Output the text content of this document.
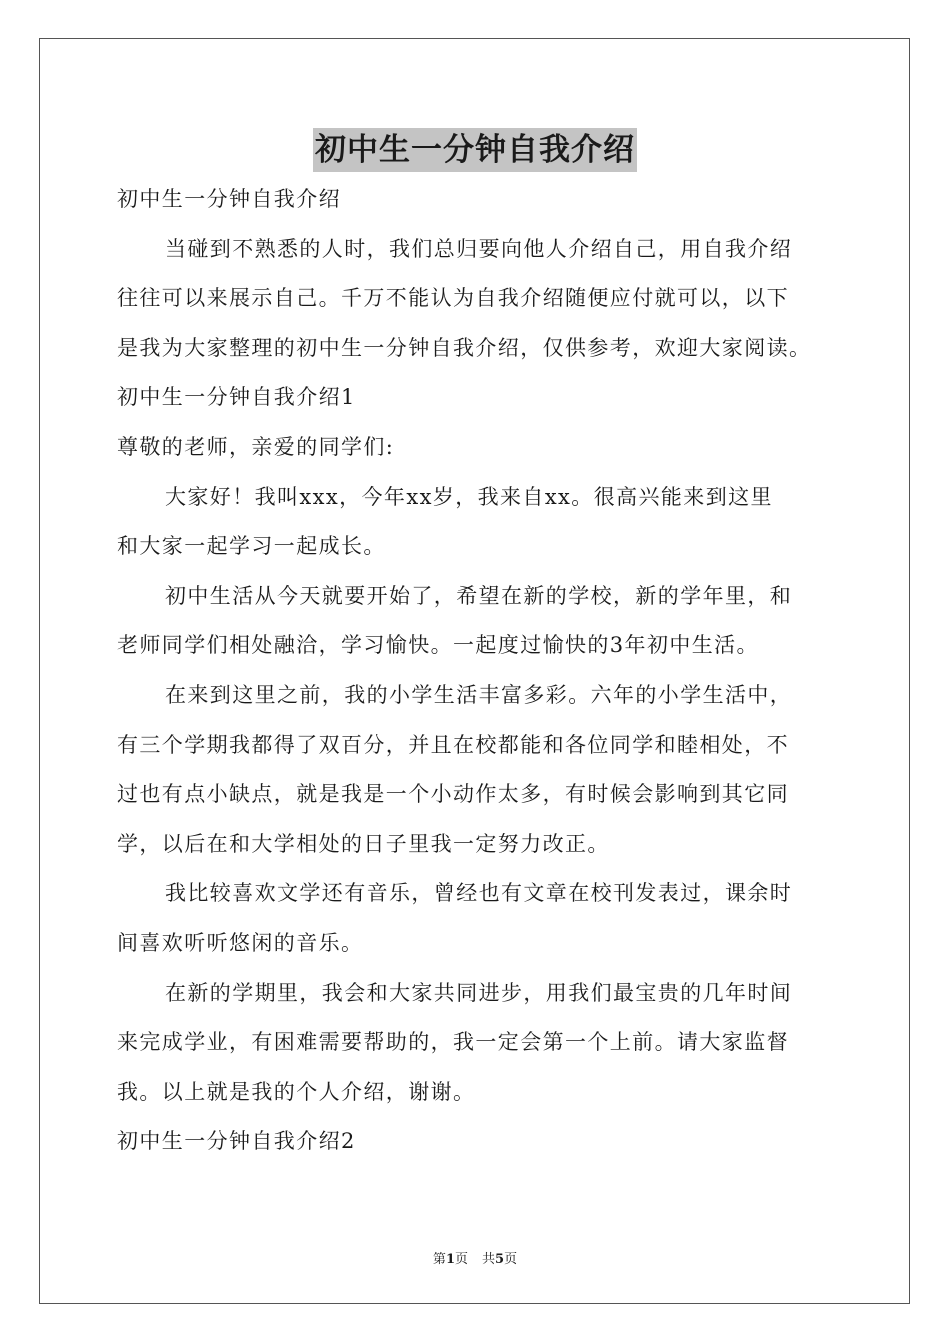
初中生一分钟自我介绍

初中生一分钟自我介绍

当碰到不熟悉的人时，我们总归要向他人介绍自己，用自我介绍

往往可以来展示自己。千万不能认为自我介绍随便应付就可以，以下

是我为大家整理的初中生一分钟自我介绍，仅供参考，欢迎大家阅读。

初中生一分钟自我介绍1

尊敬的老师，亲爱的同学们:

大家好！我叫xxx，今年xx岁，我来自xx。很高兴能来到这里

和大家一起学习一起成长。

初中生活从今天就要开始了，希望在新的学校，新的学年里，和

老师同学们相处融洽，学习愉快。一起度过愉快的3年初中生活。

在来到这里之前，我的小学生活丰富多彩。六年的小学生活中，

有三个学期我都得了双百分，并且在校都能和各位同学和睦相处，不

过也有点小缺点，就是我是一个小动作太多，有时候会影响到其它同

学，以后在和大学相处的日子里我一定努力改正。

我比较喜欢文学还有音乐，曾经也有文章在校刊发表过，课余时

间喜欢听听悠闲的音乐。

在新的学期里，我会和大家共同进步，用我们最宝贵的几年时间

来完成学业，有困难需要帮助的，我一定会第一个上前。请大家监督

我。以上就是我的个人介绍，谢谢。

初中生一分钟自我介绍2

第1页 共5页
